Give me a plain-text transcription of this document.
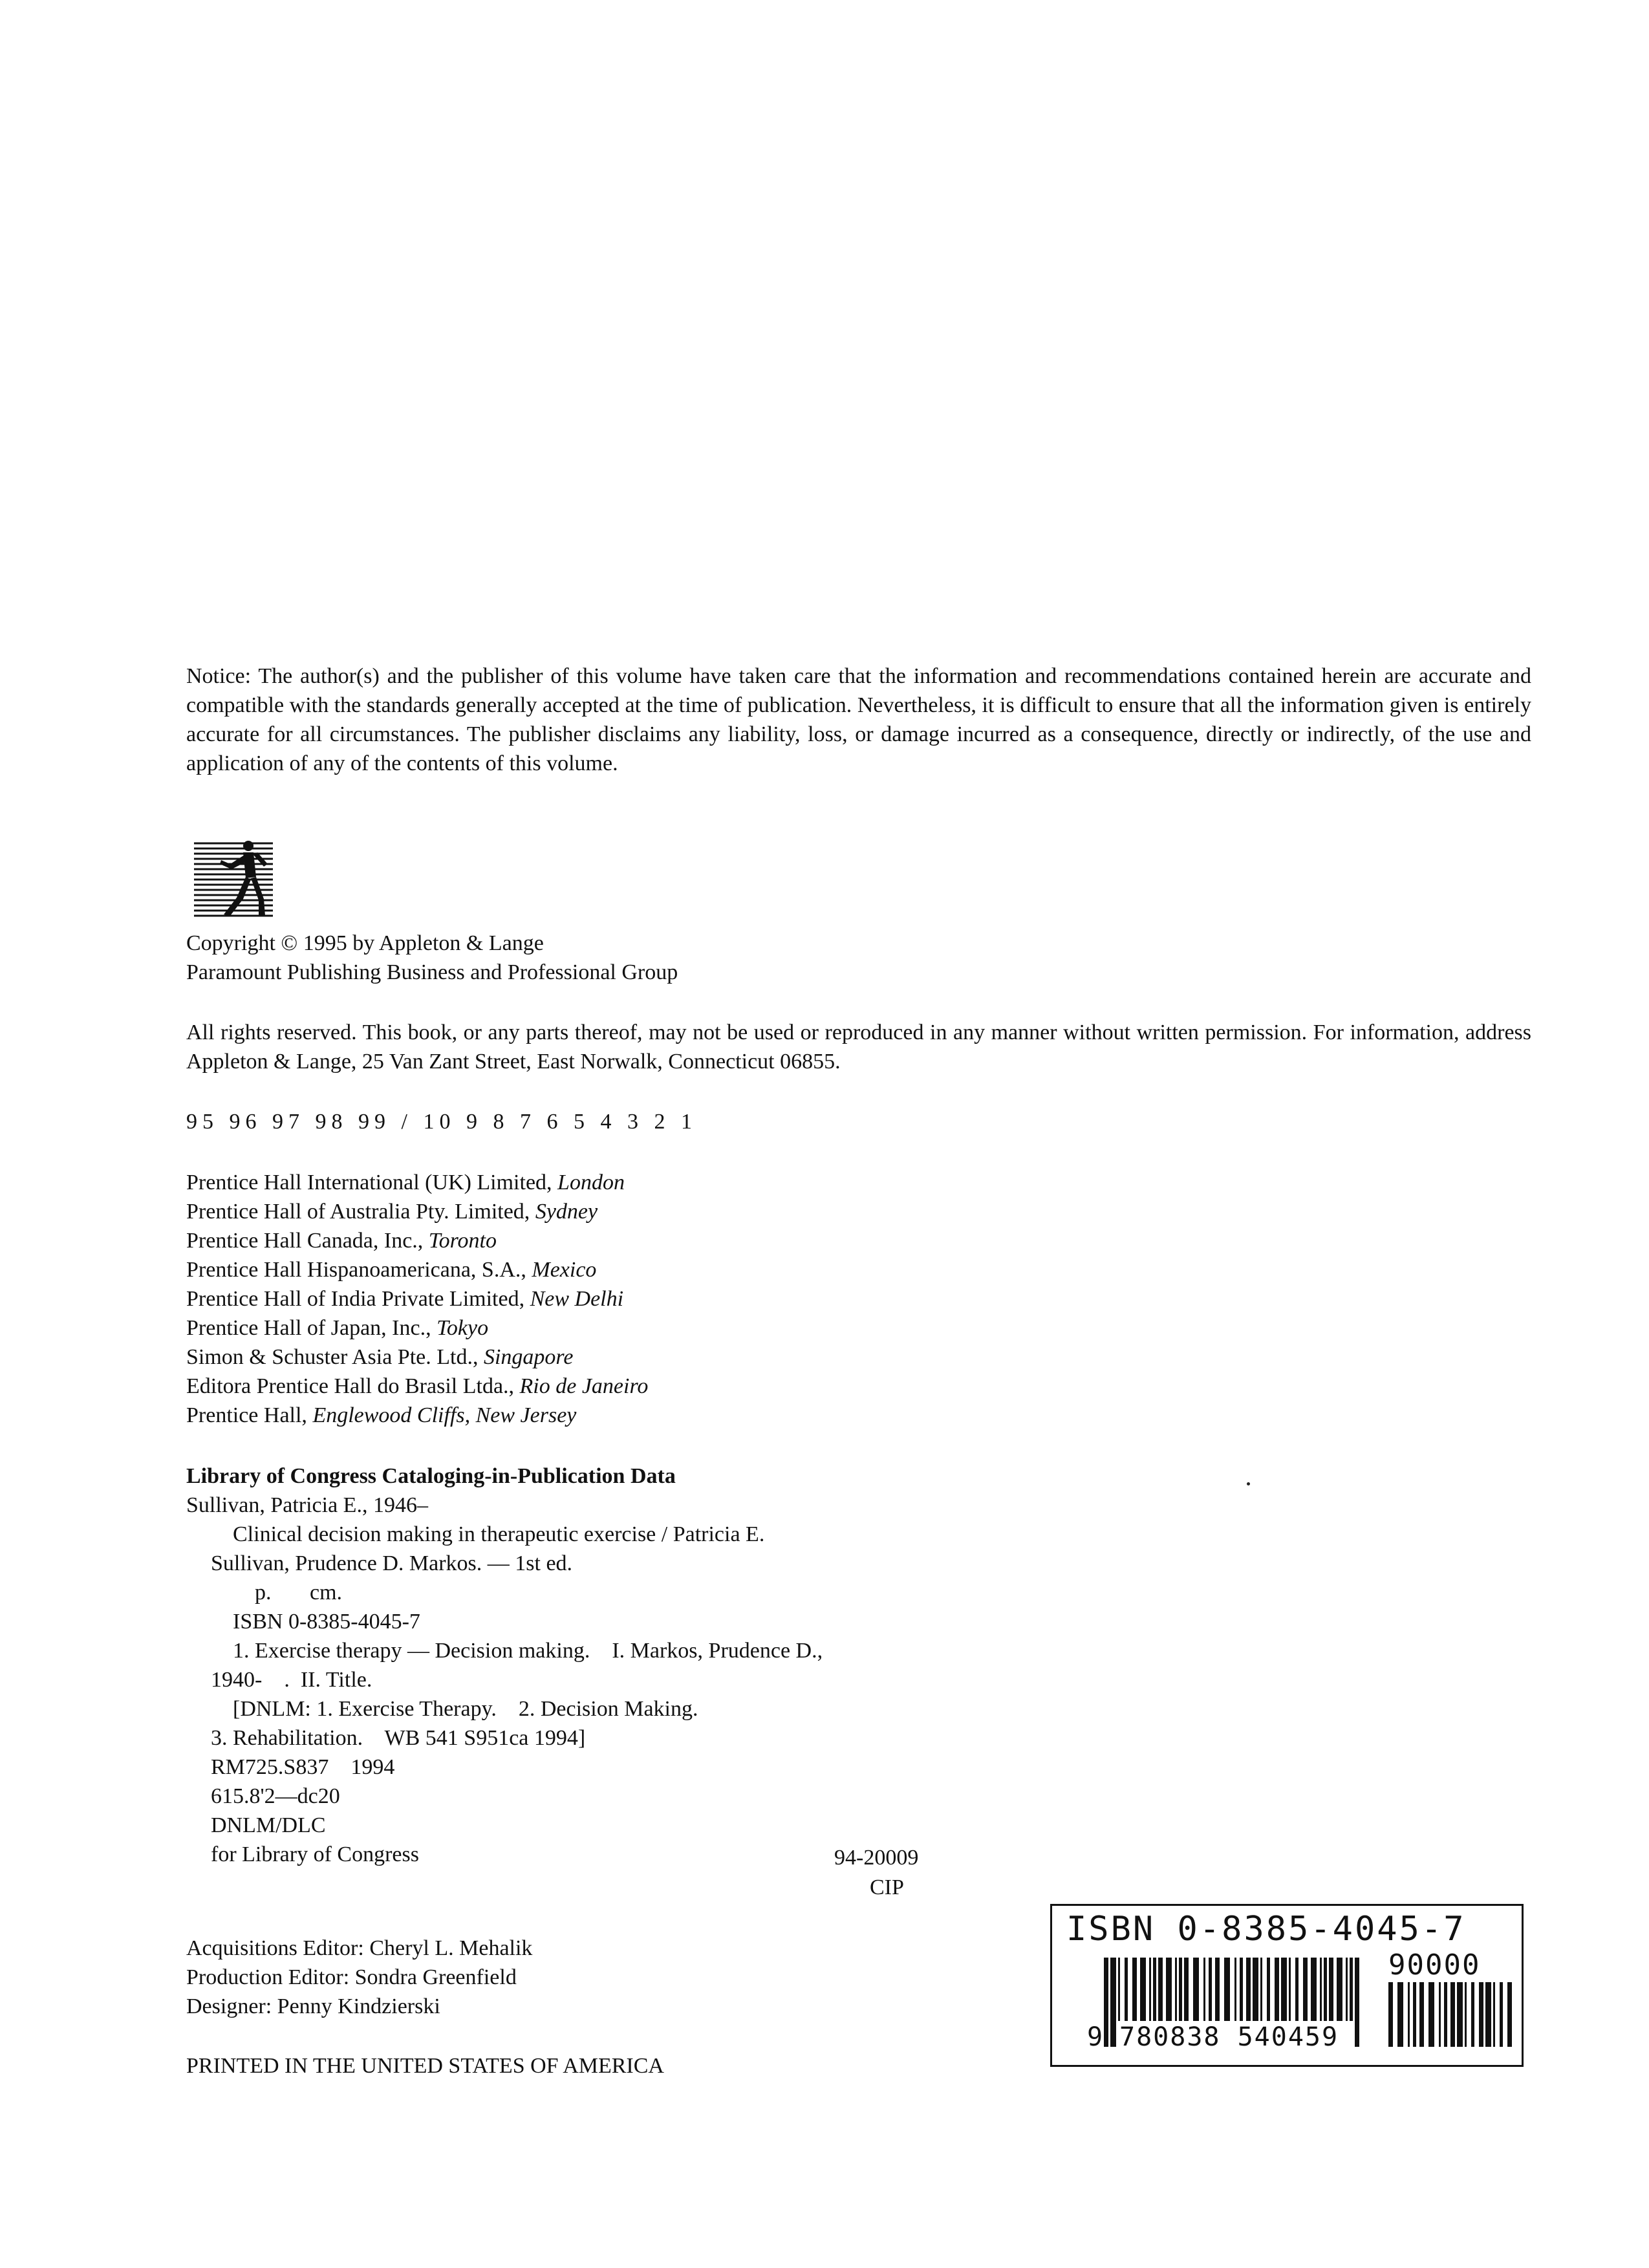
Notice: The author(s) and the publisher of this volume have taken care that the information and recommendations contained herein are accurate and compatible with the standards generally accepted at the time of publication. Nevertheless, it is difficult to ensure that all the information given is entirely accurate for all circumstances. The publisher disclaims any liability, loss, or damage incurred as a consequence, directly or indirectly, of the use and application of any of the contents of this volume.

Copyright © 1995 by Appleton & Lange
Paramount Publishing Business and Professional Group
All rights reserved. This book, or any parts thereof, may not be used or reproduced in any manner without written permission. For information, address Appleton & Lange, 25 Van Zant Street, East Norwalk, Connecticut 06855.
95 96 97 98 99 / 10 9 8 7 6 5 4 3 2 1
Prentice Hall International (UK) Limited, London
Prentice Hall of Australia Pty. Limited, Sydney
Prentice Hall Canada, Inc., Toronto
Prentice Hall Hispanoamericana, S.A., Mexico
Prentice Hall of India Private Limited, New Delhi
Prentice Hall of Japan, Inc., Tokyo
Simon & Schuster Asia Pte. Ltd., Singapore
Editora Prentice Hall do Brasil Ltda., Rio de Janeiro
Prentice Hall, Englewood Cliffs, New Jersey
Library of Congress Cataloging-in-Publication Data
Sullivan, Patricia E., 1946–
Clinical decision making in therapeutic exercise / Patricia E.
Sullivan, Prudence D. Markos. — 1st ed.
p.       cm.
ISBN 0-8385-4045-7
1. Exercise therapy — Decision making.    I. Markos, Prudence D.,
1940-    .  II. Title.
[DNLM: 1. Exercise Therapy.    2. Decision Making.
3. Rehabilitation.    WB 541 S951ca 1994]
RM725.S837    1994
615.8'2—dc20
DNLM/DLC
for Library of Congress	94-20009
CIP
Acquisitions Editor: Cheryl L. Mehalik
Production Editor: Sondra Greenfield
Designer: Penny Kindzierski
PRINTED IN THE UNITED STATES OF AMERICA
ISBN 0-8385-4045-7
90000
9 780838 540459
